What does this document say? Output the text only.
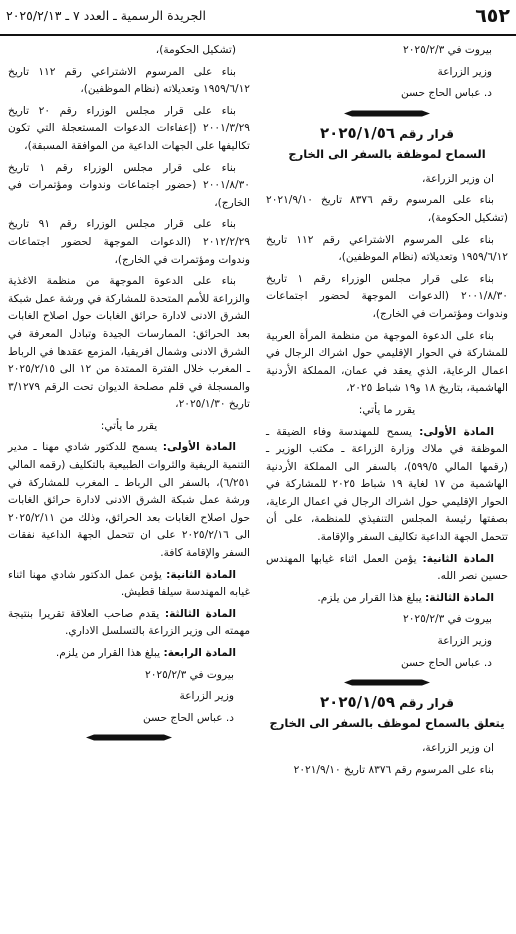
٦٥٢
الجريدة الرسمية ـ العدد ٧ ـ ٢٠٢٥/٢/١٣
بيروت في ٢٠٢٥/٢/٣
وزير الزراعة
د. عباس الحاج حسن
قرار رقم ٢٠٢٥/١/٥٦
السماح لموظفة بالسفر الى الخارج

ان وزير الزراعة،

بناء على المرسوم رقم ٨٣٧٦ تاريخ ٢٠٢١/٩/١٠ (تشكيل الحكومة)،

بناء على المرسوم الاشتراعي رقم ١١٢ تاريخ ١٩٥٩/٦/١٢ وتعديلاته (نظام الموظفين)،

بناء على قرار مجلس الوزراء رقم ١ تاريخ ٢٠٠١/٨/٣٠ (الدعوات الموجهة لحضور اجتماعات وندوات ومؤتمرات في الخارج)،

بناء على الدعوة الموجهة من منظمة المرأة العربية للمشاركة في الحوار الإقليمي حول اشراك الرجال في اعمال الرعاية، الذي يعقد في عمان، المملكة الأردنية الهاشمية، بتاريخ ١٨ و١٩ شباط ٢٠٢٥،

يقرر ما يأتي:

المادة الأولى: يسمح للمهندسة وفاء الضيقة ـ الموظفة في ملاك وزارة الزراعة ـ مكتب الوزير ـ (رقمها المالي ٥٩٩/٥)، بالسفر الى المملكة الأردنية الهاشمية من ١٧ لغاية ١٩ شباط ٢٠٢٥ للمشاركة في الحوار الإقليمي حول اشراك الرجال في اعمال الرعاية، بصفتها رئيسة المجلس التنفيذي للمنظمة، على أن تتحمل الجهة الداعية تكاليف السفر والإقامة.

المادة الثانية: يؤمن العمل اثناء غيابها المهندس حسين نصر الله.

المادة الثالثة: يبلغ هذا القرار من يلزم.

بيروت في ٢٠٢٥/٢/٣
وزير الزراعة
د. عباس الحاج حسن
قرار رقم ٢٠٢٥/١/٥٩
يتعلق بالسماح لموظف بالسفر الى الخارج

ان وزير الزراعة،

بناء على المرسوم رقم ٨٣٧٦ تاريخ ٢٠٢١/٩/١٠

(تشكيل الحكومة)،

بناء على المرسوم الاشتراعي رقم ١١٢ تاريخ ١٩٥٩/٦/١٢ وتعديلاته (نظام الموظفين)،

بناء على قرار مجلس الوزراء رقم ٢٠ تاريخ ٢٠٠١/٣/٢٩ (إعفاءات الدعوات المستعجلة التي تكون تكاليفها على الجهات الداعية من الموافقة المسبقة)،

بناء على قرار مجلس الوزراء رقم ١ تاريخ ٢٠٠١/٨/٣٠ (حضور اجتماعات وندوات ومؤتمرات في الخارج)،

بناء على قرار مجلس الوزراء رقم ٩١ تاريخ ٢٠١٢/٢/٢٩ (الدعوات الموجهة لحضور اجتماعات وندوات ومؤتمرات في الخارج)،

بناء على الدعوة الموجهة من منظمة الاغذية والزراعة للأمم المتحدة للمشاركة في ورشة عمل شبكة الشرق الادنى لادارة حرائق الغابات حول اصلاح الغابات بعد الحرائق: الممارسات الجيدة وتبادل المعرفة في الشرق الادنى وشمال افريقيا، المزمع عقدها في الرباط ـ المغرب خلال الفترة الممتدة من ١٢ الى ٢٠٢٥/٢/١٥ والمسجلة في قلم مصلحة الديوان تحت الرقم ٣/١٢٧٩ تاريخ ٢٠٢٥/١/٣٠،

يقرر ما يأتي:

المادة الأولى: يسمح للدكتور شادي مهنا ـ مدير التنمية الريفية والثروات الطبيعية بالتكليف (رقمه المالي ٦/٢٥١)، بالسفر الى الرباط ـ المغرب للمشاركة في ورشة عمل شبكة الشرق الادنى لادارة حرائق الغابات حول اصلاح الغابات بعد الحرائق، وذلك من ٢٠٢٥/٢/١١ الى ٢٠٢٥/٢/١٦ على ان تتحمل الجهة الداعية نفقات السفر والإقامة كافة.

المادة الثانية: يؤمن عمل الدكتور شادي مهنا اثناء غيابه المهندسة سيلفا قطيش.

المادة الثالثة: يقدم صاحب العلاقة تقريرا بنتيجة مهمته الى وزير الزراعة بالتسلسل الاداري.

المادة الرابعة: يبلغ هذا القرار من يلزم.

بيروت في ٢٠٢٥/٢/٣
وزير الزراعة
د. عباس الحاج حسن
